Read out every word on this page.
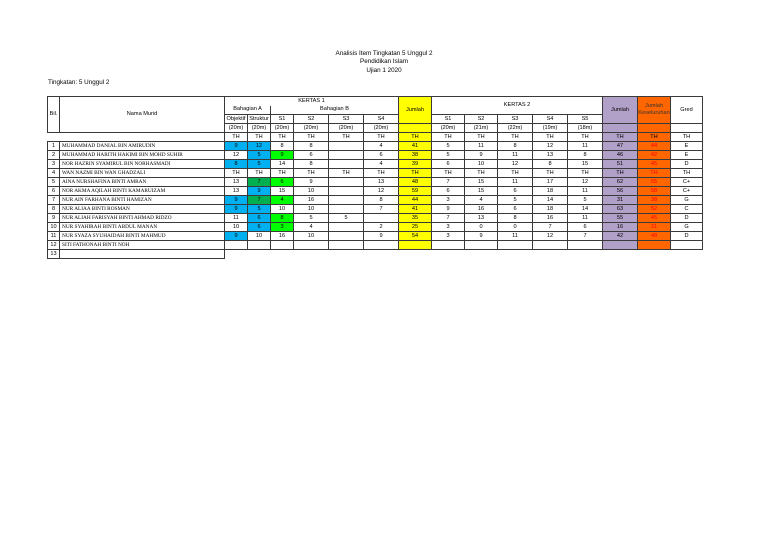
Analisis Item Tingkatan 5 Unggul 2
Pendidikan Islam
Ujian 1 2020
Tingkatan: 5 Unggul 2
Bil.	Nama Murid	KERTAS 1						Jumlah	KERTAS 2					Jumlah	Jumlah Keseluruhan	Gred
		Bahagian A		Bahagian B												
		Objektif	Struktur	S1	S2	S3	S4		S1	S2	S3	S4	S5			
		(20m)	(20m)	(20m)	(20m)	(20m)	(20m)		(20m)	(21m)	(22m)	(19m)	(18m)			
		TH	TH	TH	TH	TH	TH	TH	TH	TH	TH	TH	TH	TH	TH	TH
1	MUHAMMAD DANIAL BIN AMIRUDIN	9	12	8	8		4	41	5	11	8	12	11	47	44	E
2	MUHAMMAD HARITH HAKIMI BIN MOHD SUHIR	12	5	9	6		6	38	5	9	11	13	8	46	42	E
3	NOR HAZRIN SYAMIRUL BIN NORHASMADI	8	5	14	8		4	39	6	10	12	8	15	51	45	D
4	WAN NAZMI BIN WAN GHADZALI	TH	TH	TH	TH	TH	TH	TH	TH	TH	TH	TH	TH	TH	TH	TH
5	AINA NURSHAFINA BINTI AMRAN	13	7	6	9		13	48	7	15	11	17	12	62	55	C+
6	NOR AKMA AQILAH BINTI KAMARUIZAM	13	9	15	10		12	59	6	15	6	18	11	56	58	C+
7	NUR AIN FARHANA BINTI HAMIZAN	9	7	4	16		8	44	3	4	5	14	5	31	38	G
8	NUR ALIAA BINTI ROSMAN	9	5	10	10		7	41	9	16	6	18	14	63	52	C
9	NUR ALIAH FARISYAH BINTI AHMAD RIDZO	11	6	8	5	5		35	7	13	8	16	11	55	45	D
10	NUR SYAHIRAH BINTI ABDUL MANAN	10	6	3	4		2	25	3	0	0	7	6	16	21	G
11	NUR SYAZA SYUHAIDAH BINTI MAHMUD	9	10	16	10		9	54	3	9	11	12	7	42	48	D
12	SITI FATHONAH BINTI NOH															
13																
